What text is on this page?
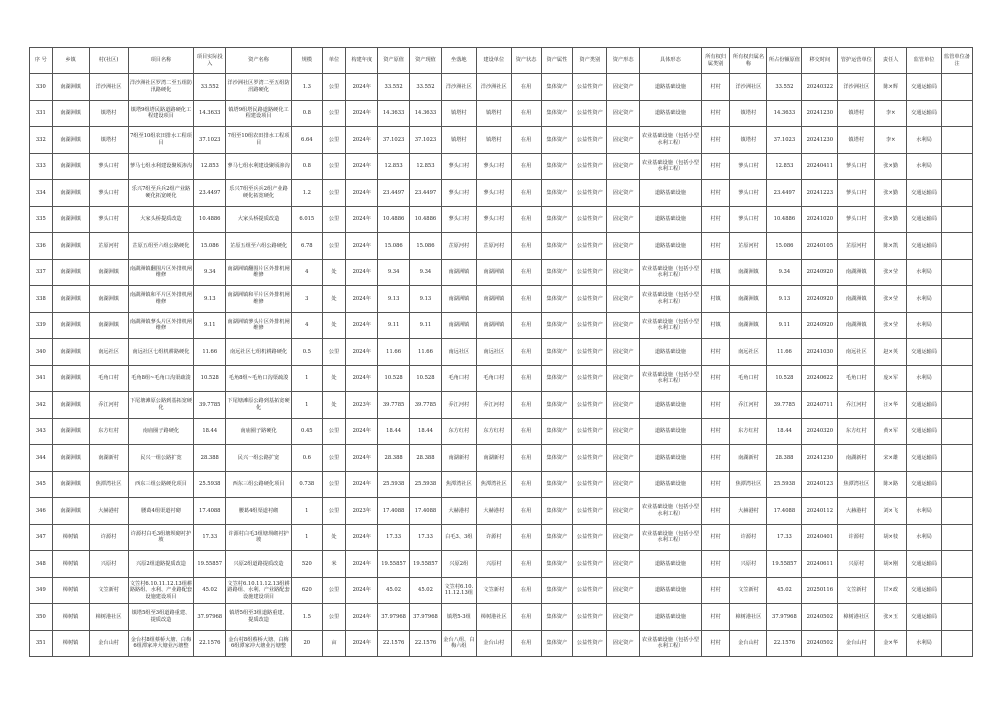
序 号	乡镇	村(社区)	项目名称	项目实际投入	资产名称	规模	单位	构建年度	资产原值	资产现值	坐落地	建设单位	资产状态	资产属性	资产类别	资产形态	具体形态	所有权归属类别	所有权归属名称	所占份额原值	移交时间	管护运营单位	责任人	监管单位	监管单位备注
330	南湖洲镇	洋沙洲社区	洋沙洲社区罗湾二至五组防汛路硬化	33.552	洋沙洲社区罗湾二至五组防汛路硬化	1.3	公里	2024年	33.552	33.552	洋沙洲社区	洋沙洲社区	在用	集体资产	公益性资产	固定资产	道路基础设施	村村	洋沙洲社区	33.552	20240322	洋沙洲社区	陈×辉	交通运输局	
331	南湖洲镇	镇塔村	镇塔9组塔民路道路硬化工程建设项目	14.3633	镇塔9组塔民路道路硬化工程建设项目	0.8	公里	2024年	14.3633	14.3633	镇塔村	镇塔村	在用	集体资产	公益性资产	固定资产	道路基础设施	村村	镇塔村	14.3633	20241230	镇塔村	李×	交通运输局	
332	南湖洲镇	镇塔村	7组至10组农田排水工程项目	37.1023	7组至10组农田排水工程项目	6.64	公里	2024年	37.1023	37.1023	镇塔村	镇塔村	在用	集体资产	公益性资产	固定资产	农业基础设施（包括小型水利工程）	村村	镇塔村	37.1023	20241230	镇塔村	李×	水利局	
333	南湖洲镇	蓼头口村	蓼马七组水利建设聚顷渗沟	12.853	蓼马七组水利建设聚顷渗沟	0.8	公里	2024年	12.853	12.853	蓼头口村	蓼头口村	在用	集体资产	公益性资产	固定资产	农业基础设施（包括小型水利工程）	村村	蓼头口村	12.853	20240411	蓼头口村	张×勤	水利局	
334	南湖洲镇	蓼头口村	乐兴7组至兵兵2组产业路硬化拓宽硬化	23.4497	乐兴7组至兵兵2组产业路硬化拓宽硬化	1.2	公里	2024年	23.4497	23.4497	蓼头口村	蓼头口村	在用	集体资产	公益性资产	固定资产	道路基础设施	村村	蓼头口村	23.4497	20241223	蓼头口村	张×勤	交通运输局	
335	南湖洲镇	蓼头口村	大家头桥提质改造	10.4886	大家头桥提质改造	6.015	公里	2024年	10.4886	10.4886	蓼头口村	蓼头口村	在用	集体资产	公益性资产	固定资产	道路基础设施	村村	蓼头口村	10.4886	20241020	蓼头口村	张×勤	交通运输局	
336	南湖洲镇	芷原河村	芷原五组至六组公路硬化	15.086	芷原五组至六组公路硬化	6.78	公里	2024年	15.086	15.086	芷原河村	芷原河村	在用	集体资产	公益性资产	固定资产	道路基础设施	村村	芷原河村	15.086	20240105	芷原河村	陈×凯	交通运输局	
337	南湖洲镇	南湖洲镇	南湖洲镇翻围片区外排机闸维修	9.34	南湖洲镇翻围片区外排机闸维修	4	处	2024年	9.34	9.34	南湖洲镇	南湖洲镇	在用	集体资产	公益性资产	固定资产	农业基础设施（包括小型水利工程）	村镇	南湖洲镇	9.34	20240920	南湖洲镇	张×莹	水利局	
338	南湖洲镇	南湖洲镇	南湖洲镇和平片区外排机闸维修	9.13	南湖洲镇和平片区外排机闸维修	3	处	2024年	9.13	9.13	南湖洲镇	南湖洲镇	在用	集体资产	公益性资产	固定资产	农业基础设施（包括小型水利工程）	村镇	南湖洲镇	9.13	20240920	南湖洲镇	张×莹	水利局	
339	南湖洲镇	南湖洲镇	南湖洲镇蓼头片区外排机闸维修	9.11	南湖洲镇蓼头片区外排机闸维修	4	处	2024年	9.11	9.11	南湖洲镇	南湖洲镇	在用	集体资产	公益性资产	固定资产	农业基础设施（包括小型水利工程）	村镇	南湖洲镇	9.11	20240920	南湖洲镇	张×莹	水利局	
340	南湖洲镇	南远社区	南远社区七组机耕路硬化	11.66	南远社区七组机耕路硬化	0.5	公里	2024年	11.66	11.66	南远社区	南远社区	在用	集体资产	公益性资产	固定资产	道路基础设施	村村	南远社区	11.66	20241030	南远社区	赵×英	交通运输局	
341	南湖洲镇	毛角口村	毛角8组~毛角口沟渠疏浚	10.528	毛角8组~毛角口沟渠疏浚	1	处	2024年	10.528	10.528	毛角口村	毛角口村	在用	集体资产	公益性资产	固定资产	农业基础设施（包括小型水利工程）	村村	毛角口村	10.528	20240622	毛角口村	庞×军	水利局	
342	南湖洲镇	乔江河村	下尾塘滩原公路到基拓宽硬化	39.7785	下尾塘滩原公路到基拓宽硬化	1	处	2023年	39.7785	39.7785	乔江河村	乔江河村	在用	集体资产	公益性资产	固定资产	道路基础设施	村村	乔江河村	39.7785	20240711	乔江河村	汪×华	交通运输局	
343	南湖洲镇	东方红村	南庙圈子路硬化	18.44	南庙圈子路硬化	0.45	公里	2024年	18.44	18.44	东方红村	东方红村	在用	集体资产	公益性资产	固定资产	道路基础设施	村村	东方红村	18.44	20240320	东方红村	黄×军	交通运输局	
344	南湖洲镇	南湖新村	民兴一组公路扩宽	28.388	民兴一组公路扩宽	0.6	公里	2024年	28.388	28.388	南湖新村	南湖新村	在用	集体资产	公益性资产	固定资产	道路基础设施	村村	南湖新村	28.388	20241230	南湖新村	宋×雄	交通运输局	
345	南湖洲镇	焦潭湾社区	西东三组公路硬化项目	25.5938	西东三组公路硬化项目	0.738	公里	2024年	25.5938	25.5938	焦潭湾社区	焦潭湾社区	在用	集体资产	公益性资产	固定资产	道路基础设施	村村	焦潭湾社区	25.5938	20240123	焦潭湾社区	陈×路	交通运输局	
346	南湖洲镇	大赫港村	腰葛4组渠道衬砌	17.4088	腰葛4组渠道衬砌	1	公里	2023年	17.4088	17.4088	大赫港村	大赫港村	在用	集体资产	公益性资产	固定资产	农业基础设施（包括小型水利工程）	村村	大赫港村	17.4088	20240112	大赫港村	刘×飞	水利局	
347	樟树镇	许源村	许源村白毛3组塘坝砌衬护坡	17.33	许源村白毛3组塘坝砌衬护坡	1	处	2024年	17.33	17.33	白毛3、3组	许源村	在用	集体资产	公益性资产	固定资产	农业基础设施（包括小型水利工程）	村村	许源村	17.33	20240401	许源村	胡×枝	水利局	
348	樟树镇	兴原村	兴原2组道路提质改造	19.55857	兴原2组道路提质改造	520	米	2024年	19.55857	19.55857	兴原2组	兴原村	在用	集体资产	公益性资产	固定资产	道路基础设施	村村	兴原村	19.55857	20240611	兴原村	胡×刚	交通运输局	
349	樟树镇	文笠新村	文笠村6.10.11.12.13组耕路路组、水利、产业路配套设施建设项目	45.02	文笠村6.10.11.12.13组耕路路组、水利、产业路配套设施建设项目	620	公里	2024年	45.02	45.02	文笠村6.10.11.12.13组	文笠新村	在用	集体资产	公益性资产	固定资产	道路基础设施	村村	文笠新村	45.02	20250116	文笠新村	甘×政	交通运输局	
350	樟树镇	樟树港社区	镇塔5组至3组道路重建、提质改造	37.97968	镇塔5组至3组道路重建、提质改造	1.5	公里	2024年	37.97968	37.97968	镇塔5-3组	樟树港社区	在用	集体资产	公益性资产	固定资产	道路基础设施	村村	樟树港社区	37.97968	20240502	樟树港社区	张×玉	交通运输局	
351	樟树镇	金台山村	金台村8组蔡桥大塘、白梅6组潭家冲大塘业污塘整	22.1576	金台村8组蔡桥大塘、白梅6组潭家冲大塘业污塘整	20	亩	2024年	22.1576	22.1576	金台八组、白梅六组	金台山村	在用	集体资产	公益性资产	固定资产	农业基础设施（包括小型水利工程）	村村	金台山村	22.1576	20240502	金台山村	金×华	水利局	
